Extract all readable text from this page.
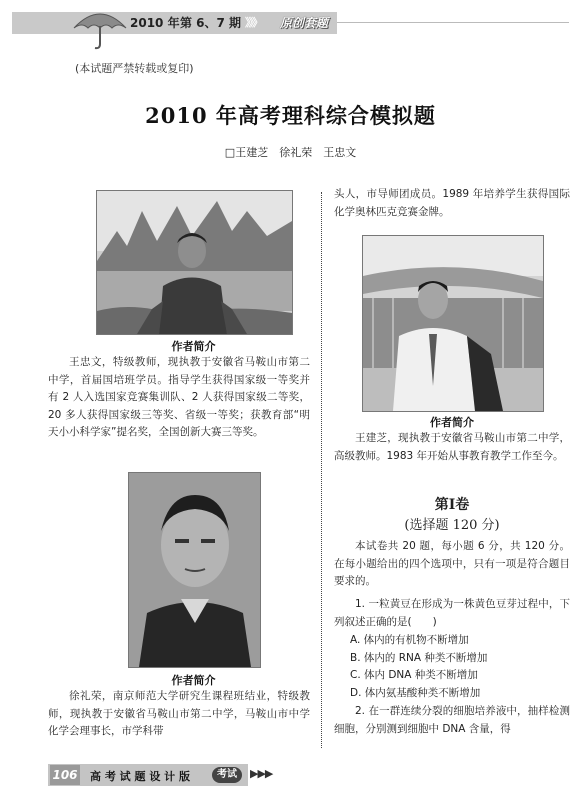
2010 年 第 6、7 期 》》》 原创套题
(本试题严禁转载或复印)
2010 年高考理科综合模拟题
□王建芝　徐礼荣　王忠文
作者简介

王忠文，特级教师，现执教于安徽省马鞍山市第二中学，首届国培班学员。指导学生获得国家级一等奖并有 2 人入选国家竞赛集训队、2 人获得国家级二等奖，20 多人获得国家级三等奖、省级一等奖；获教育部“明天小小科学家”提名奖，全国创新大赛三等奖。

作者简介

徐礼荣，南京师范大学研究生课程班结业，特级教师，现执教于安徽省马鞍山市第二中学，马鞍山市中学化学会理事长，市学科带

头人，市导师团成员。1989 年培养学生获得国际化学奥林匹克竞赛金牌。

作者简介

王建芝，现执教于安徽省马鞍山市第二中学，高级教师。1983 年开始从事教育教学工作至今。

第Ⅰ卷
(选择题 120 分)

本试卷共 20 题，每小题 6 分，共 120 分。在每小题给出的四个选项中，只有一项是符合题目要求的。

1. 一粒黄豆在形成为一株黄色豆芽过程中，下列叙述正确的是(　　)

A. 体内的有机物不断增加
B. 体内的 RNA 种类不断增加
C. 体内 DNA 种类不断增加
D. 体内氨基酸种类不断增加

2. 在一群连续分裂的细胞培养液中，抽样检测细胞，分别测到细胞中 DNA 含量，得

106 高 考 试 题 设 计 版	考试	▶▶▶
